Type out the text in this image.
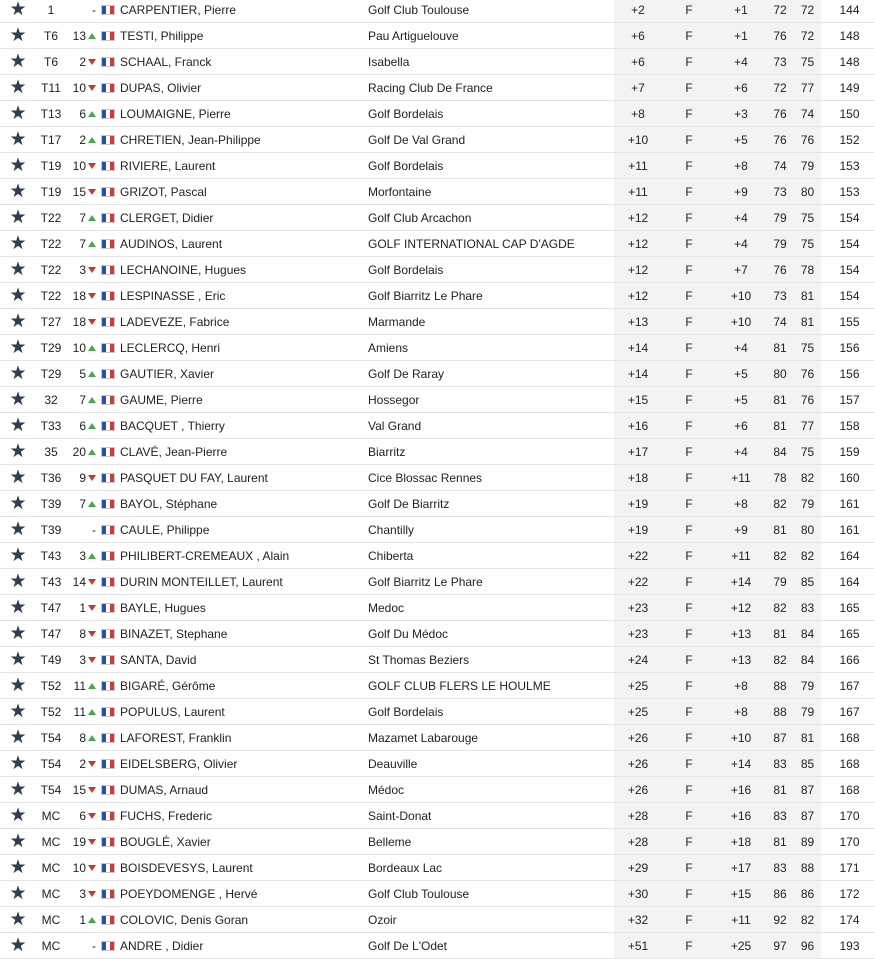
★	1	-		CARPENTIER, Pierre	Golf Club Toulouse	+2	F	+1	72	72	144
★	T6	13		TESTI, Philippe	Pau Artiguelouve	+6	F	+1	76	72	148
★	T6	2		SCHAAL, Franck	Isabella	+6	F	+4	73	75	148
★	T11	10		DUPAS, Olivier	Racing Club De France	+7	F	+6	72	77	149
★	T13	6		LOUMAIGNE, Pierre	Golf Bordelais	+8	F	+3	76	74	150
★	T17	2		CHRETIEN, Jean-Philippe	Golf De Val Grand	+10	F	+5	76	76	152
★	T19	10		RIVIERE, Laurent	Golf Bordelais	+11	F	+8	74	79	153
★	T19	15		GRIZOT, Pascal	Morfontaine	+11	F	+9	73	80	153
★	T22	7		CLERGET, Didier	Golf Club Arcachon	+12	F	+4	79	75	154
★	T22	7		AUDINOS, Laurent	GOLF INTERNATIONAL CAP D'AGDE	+12	F	+4	79	75	154
★	T22	3		LECHANOINE, Hugues	Golf Bordelais	+12	F	+7	76	78	154
★	T22	18		LESPINASSE , Eric	Golf Biarritz Le Phare	+12	F	+10	73	81	154
★	T27	18		LADEVEZE, Fabrice	Marmande	+13	F	+10	74	81	155
★	T29	10		LECLERCQ, Henri	Amiens	+14	F	+4	81	75	156
★	T29	5		GAUTIER, Xavier	Golf De Raray	+14	F	+5	80	76	156
★	32	7		GAUME, Pierre	Hossegor	+15	F	+5	81	76	157
★	T33	6		BACQUET , Thierry	Val Grand	+16	F	+6	81	77	158
★	35	20		CLAVÉ, Jean-Pierre	Biarritz	+17	F	+4	84	75	159
★	T36	9		PASQUET DU FAY, Laurent	Cice Blossac Rennes	+18	F	+11	78	82	160
★	T39	7		BAYOL, Stéphane	Golf De Biarritz	+19	F	+8	82	79	161
★	T39	-		CAULE, Philippe	Chantilly	+19	F	+9	81	80	161
★	T43	3		PHILIBERT-CREMEAUX , Alain	Chiberta	+22	F	+11	82	82	164
★	T43	14		DURIN MONTEILLET, Laurent	Golf Biarritz Le Phare	+22	F	+14	79	85	164
★	T47	1		BAYLE, Hugues	Medoc	+23	F	+12	82	83	165
★	T47	8		BINAZET, Stephane	Golf Du Médoc	+23	F	+13	81	84	165
★	T49	3		SANTA, David	St Thomas Beziers	+24	F	+13	82	84	166
★	T52	11		BIGARÉ, Gérôme	GOLF CLUB FLERS LE HOULME	+25	F	+8	88	79	167
★	T52	11		POPULUS, Laurent	Golf Bordelais	+25	F	+8	88	79	167
★	T54	8		LAFOREST, Franklin	Mazamet Labarouge	+26	F	+10	87	81	168
★	T54	2		EIDELSBERG, Olivier	Deauville	+26	F	+14	83	85	168
★	T54	15		DUMAS, Arnaud	Médoc	+26	F	+16	81	87	168
★	MC	6		FUCHS, Frederic	Saint-Donat	+28	F	+16	83	87	170
★	MC	19		BOUGLÉ, Xavier	Belleme	+28	F	+18	81	89	170
★	MC	10		BOISDEVESYS, Laurent	Bordeaux Lac	+29	F	+17	83	88	171
★	MC	3		POEYDOMENGE , Hervé	Golf Club Toulouse	+30	F	+15	86	86	172
★	MC	1		COLOVIC, Denis Goran	Ozoir	+32	F	+11	92	82	174
★	MC	-		ANDRE , Didier	Golf De L'Odet	+51	F	+25	97	96	193
